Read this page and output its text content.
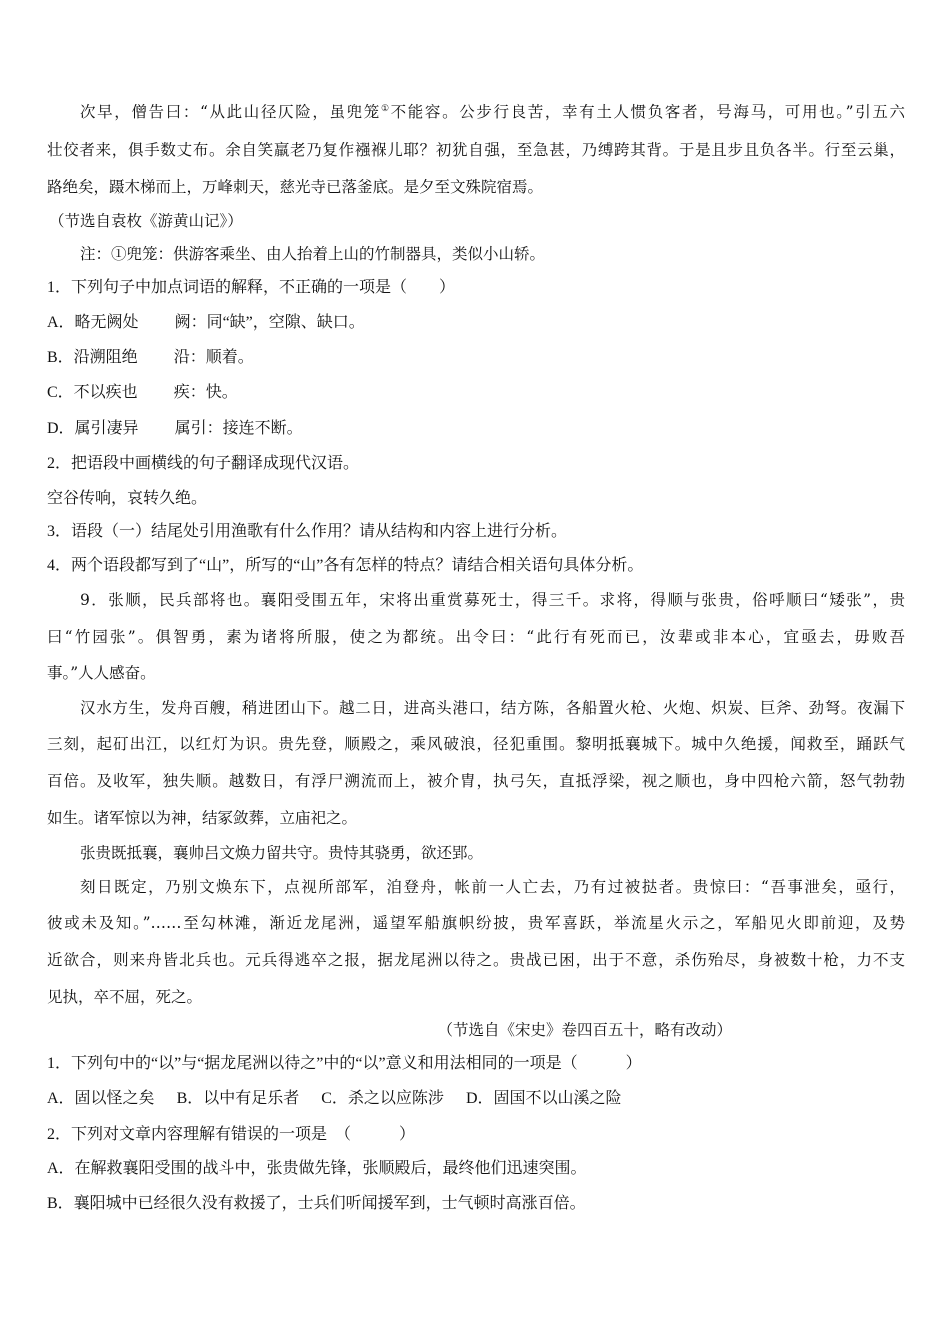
次早，僧告曰：“从此山径仄险，虽兜笼①不能容。公步行良苦，幸有土人惯负客者，号海马，可用也。”引五六
壮佼者来，俱手数丈布。余自笑羸老乃复作襁褓儿耶？初犹自强，至急甚，乃缚跨其背。于是且步且负各半。行至云巢，
路绝矣，蹑木梯而上，万峰刺天，慈光寺已落釜底。是夕至文殊院宿焉。
（节选自袁枚《游黄山记》）
注：①兜笼：供游客乘坐、由人抬着上山的竹制器具，类似小山轿。
1．下列句子中加点词语的解释，不正确的一项是（　　）
A．略无阙处 阙：同“缺”，空隙、缺口。
B．沿溯阻绝 沿：顺着。
C．不以疾也 疾：快。
D．属引凄异 属引：接连不断。
2．把语段中画横线的句子翻译成现代汉语。
空谷传响，哀转久绝。
3．语段（一）结尾处引用渔歌有什么作用？请从结构和内容上进行分析。
4．两个语段都写到了“山”，所写的“山”各有怎样的特点？请结合相关语句具体分析。
9．张顺，民兵部将也。襄阳受围五年，宋将出重赏募死士，得三千。求将，得顺与张贵，俗呼顺曰“矮张”，贵
曰“竹园张”。俱智勇，素为诸将所服，使之为都统。出令曰：“此行有死而已，汝辈或非本心，宜亟去，毋败吾
事。”人人感奋。
汉水方生，发舟百艘，稍进团山下。越二日，进高头港口，结方陈，各船置火枪、火炮、炽炭、巨斧、劲弩。夜漏下
三刻，起矴出江，以红灯为识。贵先登，顺殿之，乘风破浪，径犯重围。黎明抵襄城下。城中久绝援，闻救至，踊跃气
百倍。及收军，独失顺。越数日，有浮尸溯流而上，被介胄，执弓矢，直抵浮梁，视之顺也，身中四枪六箭，怒气勃勃
如生。诸军惊以为神，结冢敛葬，立庙祀之。
张贵既抵襄，襄帅吕文焕力留共守。贵恃其骁勇，欲还郢。
刻日既定，乃别文焕东下，点视所部军，洎登舟，帐前一人亡去，乃有过被挞者。贵惊曰：“吾事泄矣，亟行，
彼或未及知。”……至勾林滩，渐近龙尾洲，遥望军船旗帜纷披，贵军喜跃，举流星火示之，军船见火即前迎，及势
近欲合，则来舟皆北兵也。元兵得逃卒之报，据龙尾洲以待之。贵战已困，出于不意，杀伤殆尽，身被数十枪，力不支
见执，卒不屈，死之。
（节选自《宋史》卷四百五十，略有改动）
1．下列句中的“以”与“据龙尾洲以待之”中的“以”意义和用法相同的一项是（　　　）
A．固以怪之矣 B．以中有足乐者 C．杀之以应陈涉 D．固国不以山溪之险
2．下列对文章内容理解有错误的一项是　（　　　）
A．在解救襄阳受围的战斗中，张贵做先锋，张顺殿后，最终他们迅速突围。
B．襄阳城中已经很久没有救援了，士兵们听闻援军到，士气顿时高涨百倍。
